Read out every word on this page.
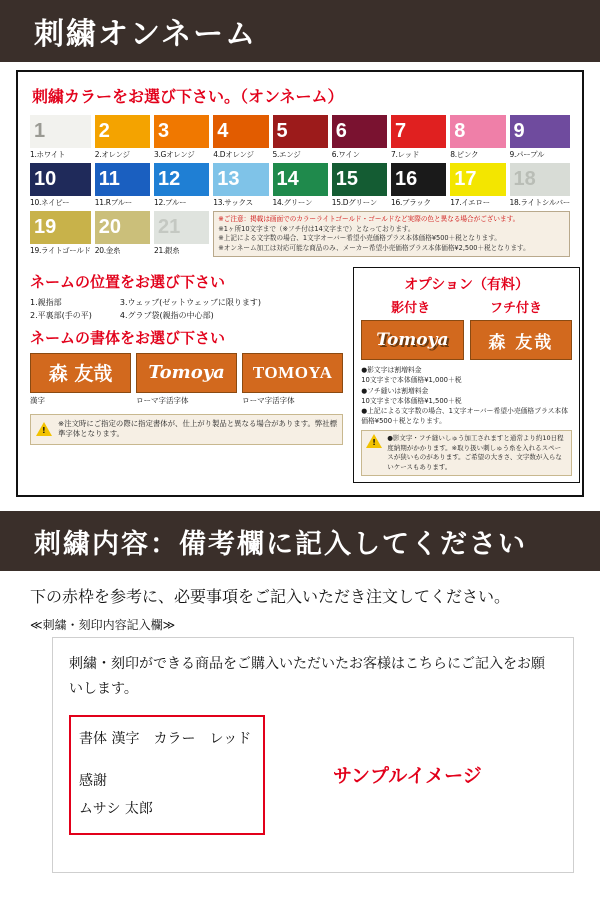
刺繍オンネーム
刺繍カラーをお選び下さい。（オンネーム）
1
1.ホワイト
2
2.オレンジ
3
3.Gオレンジ
4
4.Dオレンジ
5
5.エンジ
6
6.ワイン
7
7.レッド
8
8.ピンク
9
9.パープル
10
10.ネイビー
11
11.Rブルー
12
12.ブルー
13
13.サックス
14
14.グリーン
15
15.Dグリーン
16
16.ブラック
17
17.イエロー
18
18.ライトシルバー
19
19.ライトゴールド
20
20.金糸
21
21.銀糸
※ご注意：掲載は画面でのカラーライトゴールド・ゴールドなど実際の色と異なる場合がございます。
※1ヶ所10文字まで（※フチ付は14文字まで）となっております。
※上記による文字数の場合、1文字オーバー希望小売価格プラス本体価格¥500＋税となります。
※オンネーム加工は対応可能な商品のみ、メーカー希望小売価格プラス本体価格¥2,500＋税となります。
ネームの位置をお選び下さい
1.親指部
2.平裏部(手の平)
3.ウェッブ(ゼットウェッブに限ります)
4.グラブ袋(親指の中心部)
ネームの書体をお選び下さい
森 友哉	Tomoya	TOMOYA
漢字	ローマ字活字体	ローマ字活字体
!
※注文時にご指定の際に指定書体が、仕上がり製品と異なる場合があります。弊社標準字体となります。
オプション（有料）
影付き	フチ付き
Tomoya	森 友哉
●影文字は割増料金
10文字まで本体価格¥1,000＋税
●フチ縫いは割増料金
10文字まで本体価格¥1,500＋税
●上記による文字数の場合、1文字オーバー希望小売価格プラス本体価格¥500＋税となります。
!
●影文字・フチ縫いしゅう加工されますと通常より約10日程度納期がかかります。※取り扱い刺しゅう糸を入れるスペースが狭いものがあります。ご希望の大きさ、文字数が入らないケースもあります。
刺繍内容：備考欄に記入してください
下の赤枠を参考に、必要事項をご記入いただき注文してください。
≪刺繍・刻印内容記入欄≫
刺繍・刻印ができる商品をご購入いただいたお客様はこちらにご記入をお願いします。
書体 漢字　カラー　レッド
感謝
ムサシ 太郎
サンプルイメージ
